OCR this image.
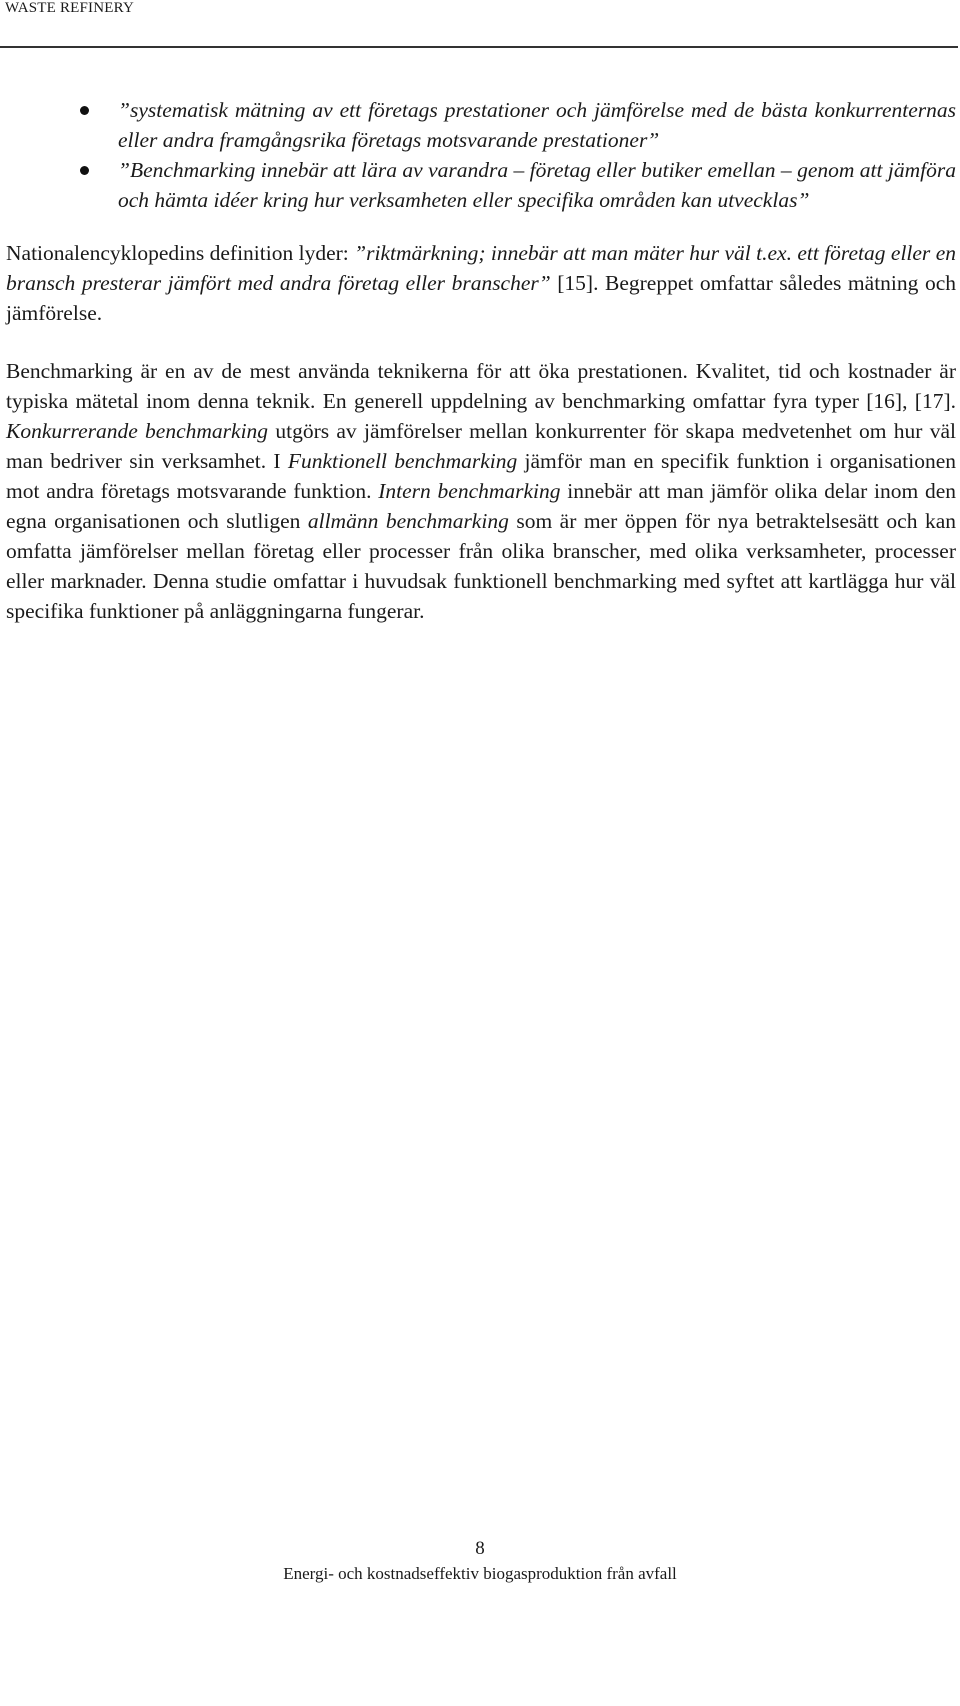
WASTE REFINERY
”systematisk mätning av ett företags prestationer och jämförelse med de bästa konkurrenternas eller andra framgångsrika företags motsvarande prestationer”
”Benchmarking innebär att lära av varandra – företag eller butiker emellan – genom att jämföra och hämta idéer kring hur verksamheten eller specifika områden kan utvecklas”

Nationalencyklopedins definition lyder: ”riktmärkning; innebär att man mäter hur väl t.ex. ett företag eller en bransch presterar jämfört med andra företag eller branscher” [15]. Begreppet omfattar således mätning och jämförelse.

Benchmarking är en av de mest använda teknikerna för att öka prestationen. Kvalitet, tid och kostnader är typiska mätetal inom denna teknik. En generell uppdelning av benchmarking omfattar fyra typer [16], [17]. Konkurrerande benchmarking utgörs av jämförelser mellan konkurrenter för skapa medvetenhet om hur väl man bedriver sin verksamhet. I Funktionell benchmarking jämför man en specifik funktion i organisationen mot andra företags motsvarande funktion. Intern benchmarking innebär att man jämför olika delar inom den egna organisationen och slutligen allmänn benchmarking som är mer öppen för nya betraktelsesätt och kan omfatta jämförelser mellan företag eller processer från olika branscher, med olika verksamheter, processer eller marknader. Denna studie omfattar i huvudsak funktionell benchmarking med syftet att kartlägga hur väl specifika funktioner på anläggningarna fungerar.

8
Energi- och kostnadseffektiv biogasproduktion från avfall
